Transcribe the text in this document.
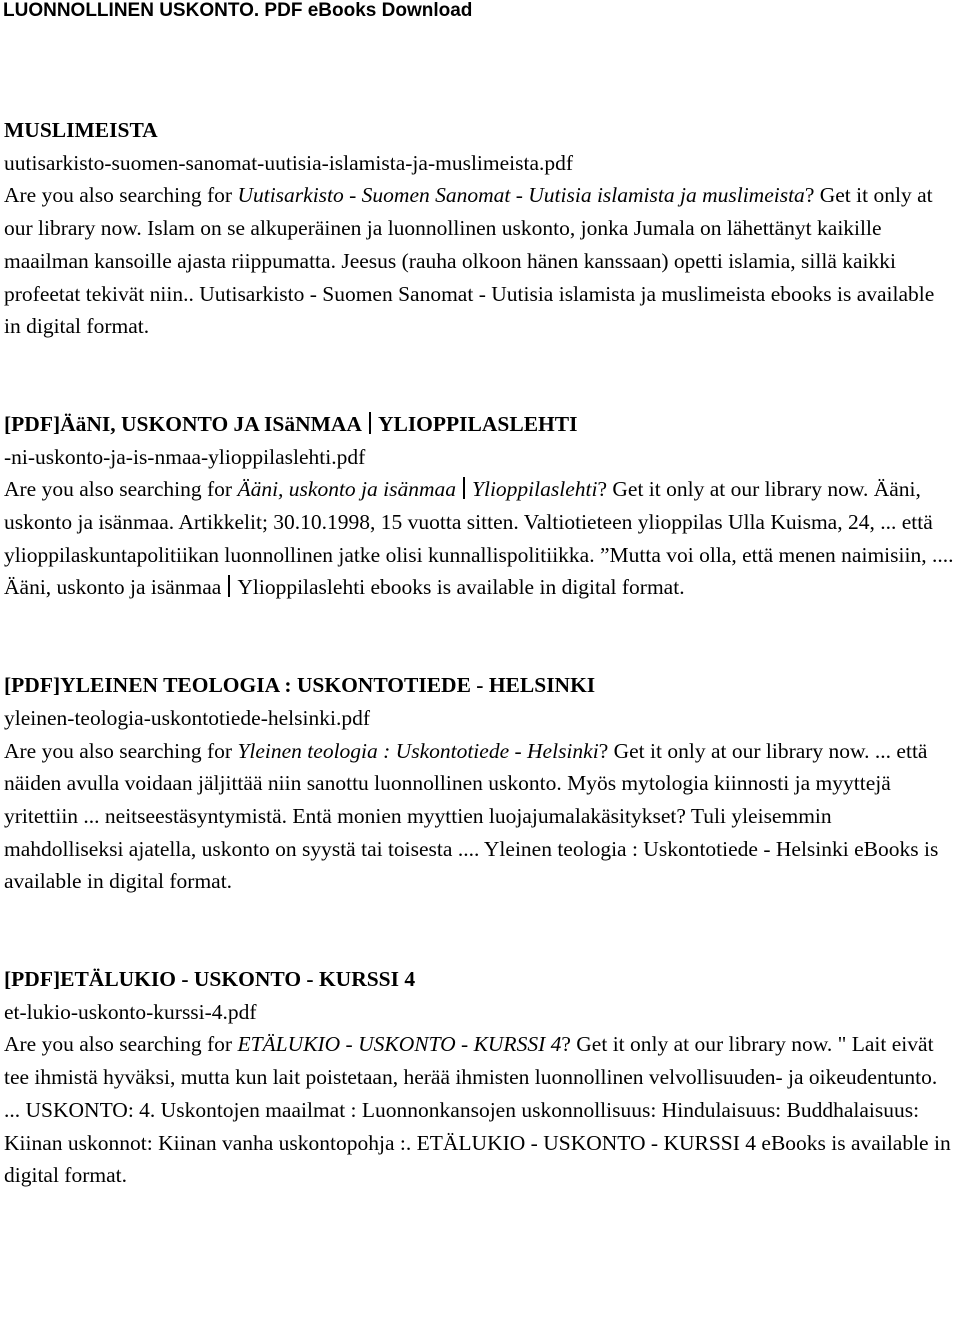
LUONNOLLINEN USKONTO. PDF eBooks Download

MUSLIMEISTA

uutisarkisto-suomen-sanomat-uutisia-islamista-ja-muslimeista.pdf

Are you also searching for Uutisarkisto - Suomen Sanomat - Uutisia islamista ja muslimeista? Get it only at our library now. Islam on se alkuperäinen ja luonnollinen uskonto, jonka Jumala on lähettänyt kaikille maailman kansoille ajasta riippumatta. Jeesus (rauha olkoon hänen kanssaan) opetti islamia, sillä kaikki profeetat tekivät niin.. Uutisarkisto - Suomen Sanomat - Uutisia islamista ja muslimeista ebooks is available in digital format.

[PDF]ÄäNI, USKONTO JA ISäNMAA YLIOPPILASLEHTI

-ni-uskonto-ja-is-nmaa-ylioppilaslehti.pdf

Are you also searching for Ääni, uskonto ja isänmaa Ylioppilaslehti? Get it only at our library now. Ääni, uskonto ja isänmaa. Artikkelit; 30.10.1998, 15 vuotta sitten. Valtiotieteen ylioppilas Ulla Kuisma, 24, ... että ylioppilaskuntapolitiikan luonnollinen jatke olisi kunnallispolitiikka. ”Mutta voi olla, että menen naimisiin, .... Ääni, uskonto ja isänmaa Ylioppilaslehti ebooks is available in digital format.

[PDF]YLEINEN TEOLOGIA : USKONTOTIEDE - HELSINKI

yleinen-teologia-uskontotiede-helsinki.pdf

Are you also searching for Yleinen teologia : Uskontotiede - Helsinki? Get it only at our library now. ... että näiden avulla voidaan jäljittää niin sanottu luonnollinen uskonto. Myös mytologia kiinnosti ja myyttejä yritettiin ... neitseestäsyntymistä. Entä monien myyttien luojajumalakäsitykset? Tuli yleisemmin mahdolliseksi ajatella, uskonto on syystä tai toisesta .... Yleinen teologia : Uskontotiede - Helsinki eBooks is available in digital format.

[PDF]ETÄLUKIO - USKONTO - KURSSI 4

et-lukio-uskonto-kurssi-4.pdf

Are you also searching for ETÄLUKIO - USKONTO - KURSSI 4? Get it only at our library now. " Lait eivät tee ihmistä hyväksi, mutta kun lait poistetaan, herää ihmisten luonnollinen velvollisuuden- ja oikeudentunto. ... USKONTO: 4. Uskontojen maailmat : Luonnonkansojen uskonnollisuus: Hindulaisuus: Buddhalaisuus: Kiinan uskonnot: Kiinan vanha uskontopohja :. ETÄLUKIO - USKONTO - KURSSI 4 eBooks is available in digital format.
